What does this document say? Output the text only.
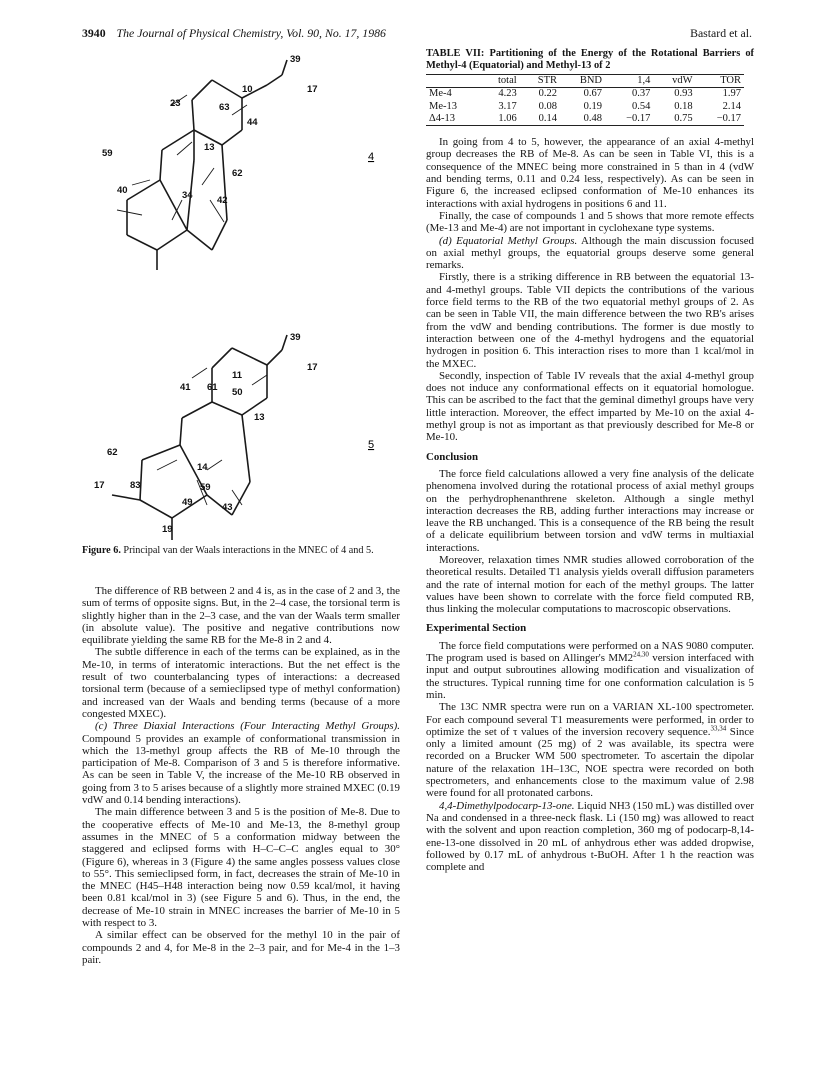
3940 The Journal of Physical Chemistry, Vol. 90, No. 17, 1986	Bastard et al.
39
17
10
23	63
44
13
59
62
40	34	42
4
39
17
11
41 61 50
13
62
14
17	83	59
49	43
19
5
Figure 6. Principal van der Waals interactions in the MNEC of 4 and 5.

The difference of RB between 2 and 4 is, as in the case of 2 and 3, the sum of terms of opposite signs. But, in the 2–4 case, the torsional term is slightly higher than in the 2–3 case, and the van der Waals term smaller (in absolute value). The positive and negative contributions now equilibrate yielding the same RB for the Me-8 in 2 and 4.

The subtle difference in each of the terms can be explained, as in the Me-10, in terms of interatomic interactions. But the net effect is the result of two counterbalancing types of interactions: a decreased torsional term (because of a semieclipsed type of methyl conformation) and increased van der Waals and bending terms (because of a more congested MXEC).

(c) Three Diaxial Interactions (Four Interacting Methyl Groups). Compound 5 provides an example of conformational transmission in which the 13-methyl group affects the RB of Me-10 through the participation of Me-8. Comparison of 3 and 5 is therefore informative. As can be seen in Table V, the increase of the Me-10 RB observed in going from 3 to 5 arises because of a slightly more strained MXEC (0.19 vdW and 0.14 bending interactions).

The main difference between 3 and 5 is the position of Me-8. Due to the cooperative effects of Me-10 and Me-13, the 8-methyl group assumes in the MNEC of 5 a conformation midway between the staggered and eclipsed forms with H–C–C–C angles equal to 30° (Figure 6), whereas in 3 (Figure 4) the same angles possess values close to 55°. This semieclipsed form, in fact, decreases the strain of Me-10 in the MNEC (H45–H48 interaction being now 0.59 kcal/mol, it having been 0.81 kcal/mol in 3) (see Figure 5 and 6). Thus, in the end, the decrease of Me-10 strain in MNEC increases the barrier of Me-10 in 5 with respect to 3.

A similar effect can be observed for the methyl 10 in the pair of compounds 2 and 4, for Me-8 in the 2–3 pair, and for Me-4 in the 1–3 pair.

TABLE VII: Partitioning of the Energy of the Rotational Barriers of Methyl-4 (Equatorial) and Methyl-13 of 2
	total	STR	BND	1,4	vdW	TOR
Me-4	4.23	0.22	0.67	0.37	0.93	1.97
Me-13	3.17	0.08	0.19	0.54	0.18	2.14
Δ4-13	1.06	0.14	0.48	−0.17	0.75	−0.17

In going from 4 to 5, however, the appearance of an axial 4-methyl group decreases the RB of Me-8. As can be seen in Table VI, this is a consequence of the MNEC being more constrained in 5 than in 4 (vdW and bending terms, 0.11 and 0.24 less, respectively). As can be seen in Figure 6, the increased eclipsed conformation of Me-10 enhances its interactions with axial hydrogens in positions 6 and 11.

Finally, the case of compounds 1 and 5 shows that more remote effects (Me-13 and Me-4) are not important in cyclohexane type systems.

(d) Equatorial Methyl Groups. Although the main discussion focused on axial methyl groups, the equatorial groups deserve some general remarks.

Firstly, there is a striking difference in RB between the equatorial 13- and 4-methyl groups. Table VII depicts the contributions of the various force field terms to the RB of the two equatorial methyl groups of 2. As can be seen in Table VII, the main difference between the two RB's arises from the vdW and bending contributions. The former is due mostly to interaction between one of the 4-methyl hydrogens and the equatorial hydrogen in position 6. This interaction rises to more than 1 kcal/mol in the MXEC.

Secondly, inspection of Table IV reveals that the axial 4-methyl group does not induce any conformational effects on it equatorial homologue. This can be ascribed to the fact that the geminal dimethyl groups have very little interaction. Moreover, the effect imparted by Me-10 on the axial 4-methyl group is not as important as that previously described for Me-8 or Me-10.

Conclusion

The force field calculations allowed a very fine analysis of the delicate phenomena involved during the rotational process of axial methyl groups on the perhydrophenanthrene skeleton. Although a single methyl interaction decreases the RB, adding further interactions may increase or leave the RB unchanged. This is a consequence of the RB being the result of a delicate equilibrium between torsion and vdW terms in multiaxial interactions.

Moreover, relaxation times NMR studies allowed corroboration of the theoretical results. Detailed T1 analysis yields overall diffusion parameters and the rate of internal motion for each of the methyl groups. The latter values have been shown to correlate with the force field computed RB, thus linking the molecular computations to macroscopic observations.

Experimental Section

The force field computations were performed on a NAS 9080 computer. The program used is based on Allinger's MM2$^{24,30}$ version interfaced with input and output subroutines allowing modification and visualization of the structures. Typical running time for one conformation calculation is 5 min.

The 13C NMR spectra were run on a VARIAN XL-100 spectrometer. For each compound several T1 measurements were performed, in order to optimize the set of τ values of the inversion recovery sequence.$^{33,34}$ Since only a limited amount (25 mg) of 2 was available, its spectra were recorded on a Brucker WM 500 spectrometer. To ascertain the dipolar nature of the relaxation 1H–13C, NOE spectra were recorded on both spectrometers, and enhancements close to the maximum value of 2.98 were found for all protonated carbons.

4,4-Dimethylpodocarp-13-one. Liquid NH3 (150 mL) was distilled over Na and condensed in a three-neck flask. Li (150 mg) was allowed to react with the solvent and upon reaction completion, 360 mg of podocarp-8,14-ene-13-one dissolved in 20 mL of anhydrous ether was added dropwise, followed by 0.17 mL of anhydrous t-BuOH. After 1 h the reaction was complete and
